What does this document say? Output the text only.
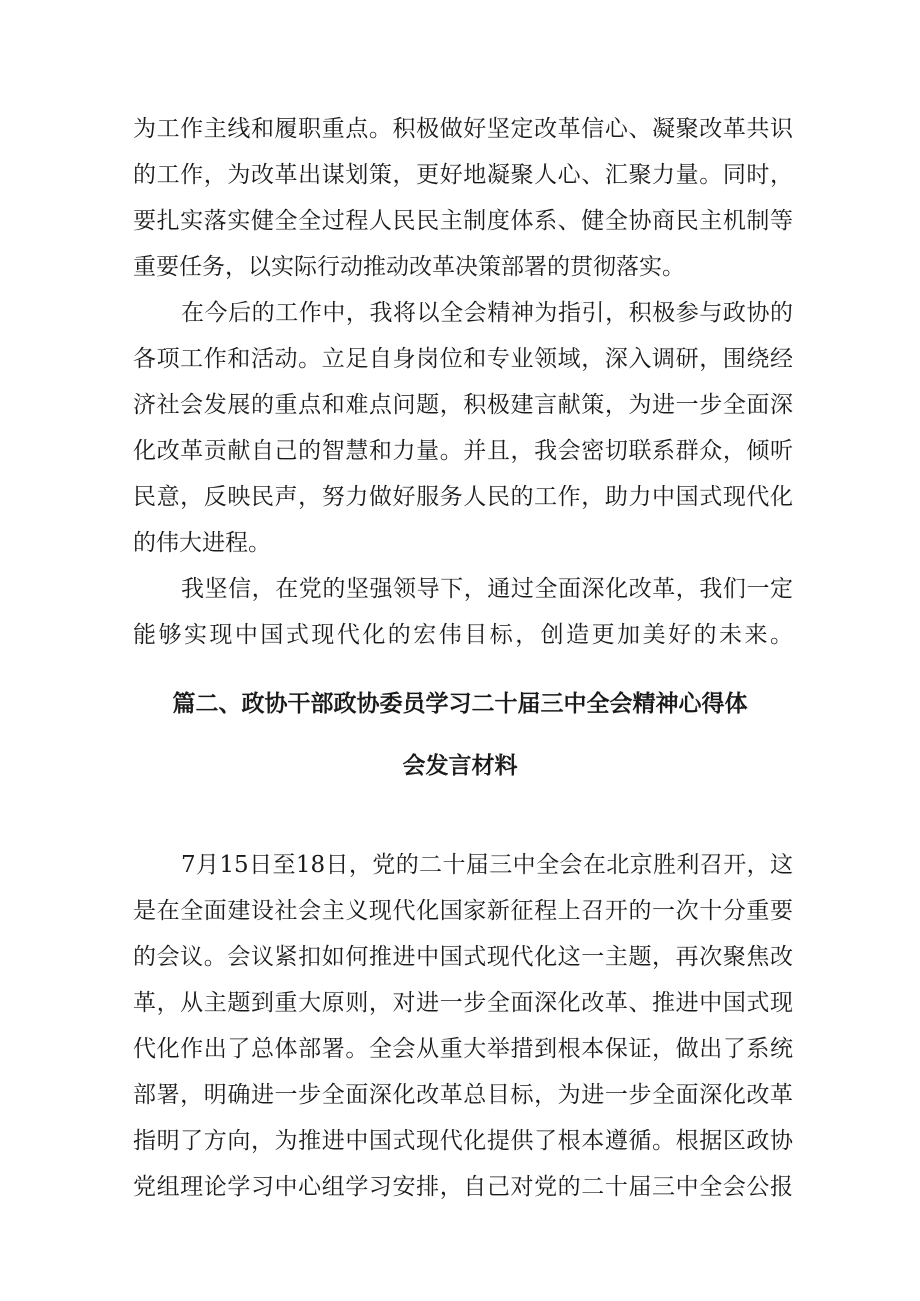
为工作主线和履职重点。积极做好坚定改革信心、凝聚改革共识
的工作，为改革出谋划策，更好地凝聚人心、汇聚力量。同时，
要扎实落实健全全过程人民民主制度体系、健全协商民主机制等
重要任务，以实际行动推动改革决策部署的贯彻落实。
在今后的工作中，我将以全会精神为指引，积极参与政协的
各项工作和活动。立足自身岗位和专业领域，深入调研，围绕经
济社会发展的重点和难点问题，积极建言献策，为进一步全面深
化改革贡献自己的智慧和力量。并且，我会密切联系群众，倾听
民意，反映民声，努力做好服务人民的工作，助力中国式现代化
的伟大进程。
我坚信，在党的坚强领导下，通过全面深化改革，我们一定
能够实现中国式现代化的宏伟目标，创造更加美好的未来。
篇二、政协干部政协委员学习二十届三中全会精神心得体
会发言材料
7月15日至18日，党的二十届三中全会在北京胜利召开，这
是在全面建设社会主义现代化国家新征程上召开的一次十分重要
的会议。会议紧扣如何推进中国式现代化这一主题，再次聚焦改
革，从主题到重大原则，对进一步全面深化改革、推进中国式现
代化作出了总体部署。全会从重大举措到根本保证，做出了系统
部署，明确进一步全面深化改革总目标，为进一步全面深化改革
指明了方向，为推进中国式现代化提供了根本遵循。根据区政协
党组理论学习中心组学习安排，自己对党的二十届三中全会公报
